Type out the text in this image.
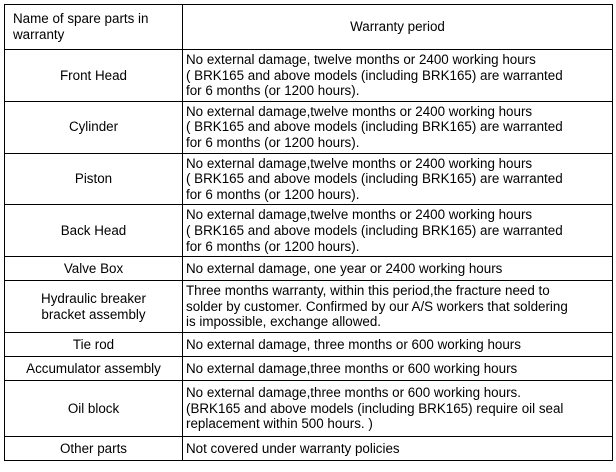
Name of spare parts in warranty	Warranty period
Front Head	No external damage, twelve months or 2400 working hours
( BRK165 and above models (including BRK165) are warranted
for 6 months (or 1200 hours).

Cylinder	No external damage,twelve months or 2400 working hours
( BRK165 and above models (including BRK165) are warranted
for 6 months (or 1200 hours).

Piston	No external damage,twelve months or 2400 working hours
( BRK165 and above models (including BRK165) are warranted
for 6 months (or 1200 hours).

Back Head	No external damage,twelve months or 2400 working hours
( BRK165 and above models (including BRK165) are warranted
for 6 months (or 1200 hours).

Valve Box	No external damage, one year or 2400 working hours

Hydraulic breaker
bracket assembly	Three months warranty, within this period,the fracture need to
solder by customer. Confirmed by our A/S workers that soldering
is impossible, exchange allowed.

Tie rod	No external damage, three months or 600 working hours

Accumulator assembly	No external damage,three months or 600 working hours

Oil block	No external damage,three months or 600 working hours.
(BRK165 and above models (including BRK165) require oil seal
replacement within 500 hours. )

Other parts	Not covered under warranty policies
